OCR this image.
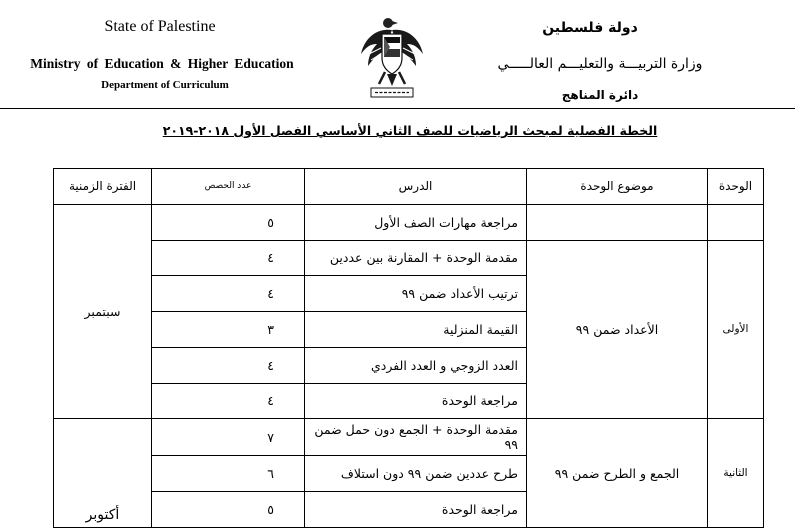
State of Palestine
Ministry of Education & Higher Education
Department of Curriculum
دولة فلسطين
وزارة التربيـــة والتعليـــم العالـــــي
دائرة المناهج
الخطة الفصلية لمبحث الرياضيات للصف الثاني الأساسي الفصل الأول ٢٠١٨-٢٠١٩
الوحدة	موضوع الوحدة	الدرس	عدد الحصص	الفترة الزمنية
		مراجعة مهارات الصف الأول	٥	سبتمبر
الأولى	الأعداد ضمن ٩٩	مقدمة الوحدة + المقارنة بين عددين	٤	
		ترتيب الأعداد ضمن ٩٩	٤	
		القيمة المنزلية	٣	
		العدد الزوجي و العدد الفردي	٤	
		مراجعة الوحدة	٤	
الثانية	الجمع و الطرح ضمن ٩٩	مقدمة الوحدة + الجمع دون حمل ضمن ٩٩	٧	أكتوبر
		طرح عددين ضمن ٩٩ دون استلاف	٦	
		مراجعة الوحدة	٥	
